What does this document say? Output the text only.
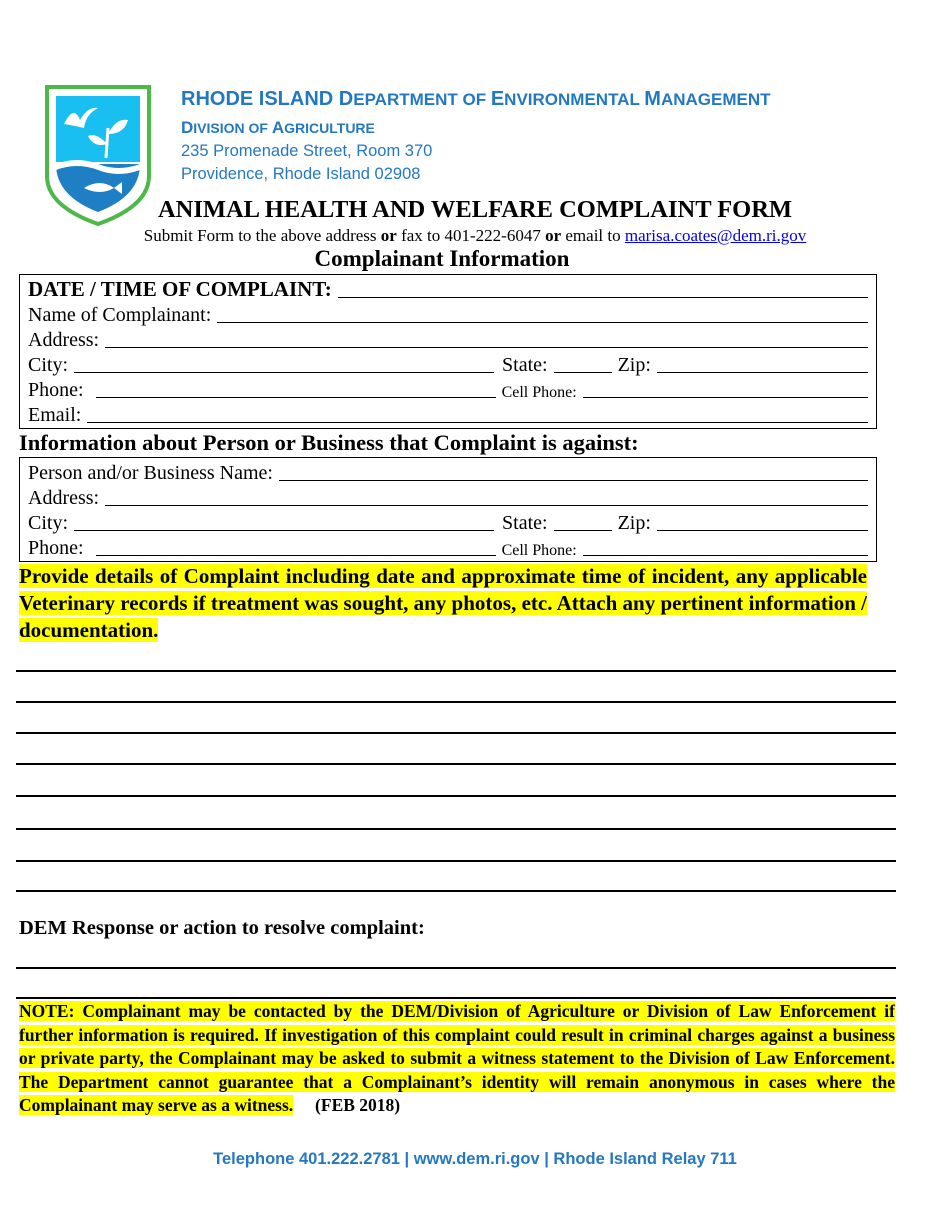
RHODE ISLAND DEPARTMENT OF ENVIRONMENTAL MANAGEMENT
DIVISION OF AGRICULTURE
235 Promenade Street, Room 370
Providence, Rhode Island 02908
ANIMAL HEALTH AND WELFARE COMPLAINT FORM
Submit Form to the above address or fax to 401-222-6047 or email to marisa.coates@dem.ri.gov
Complainant Information
DATE / TIME OF COMPLAINT:
Name of Complainant:
Address:
City:	State:	Zip:
Phone:	Cell Phone:
Email:
Information about Person or Business that Complaint is against:
Person and/or Business Name:
Address:
City:	State:	Zip:
Phone:	Cell Phone:
Provide details of Complaint including date and approximate time of incident, any applicable Veterinary records if treatment was sought, any photos, etc. Attach any pertinent information / documentation.
DEM Response or action to resolve complaint:
NOTE: Complainant may be contacted by the DEM/Division of Agriculture or Division of Law Enforcement if further information is required. If investigation of this complaint could result in criminal charges against a business or private party, the Complainant may be asked to submit a witness statement to the Division of Law Enforcement. The Department cannot guarantee that a Complainant’s identity will remain anonymous in cases where the Complainant may serve as a witness. (FEB 2018)
Telephone 401.222.2781 | www.dem.ri.gov | Rhode Island Relay 711
